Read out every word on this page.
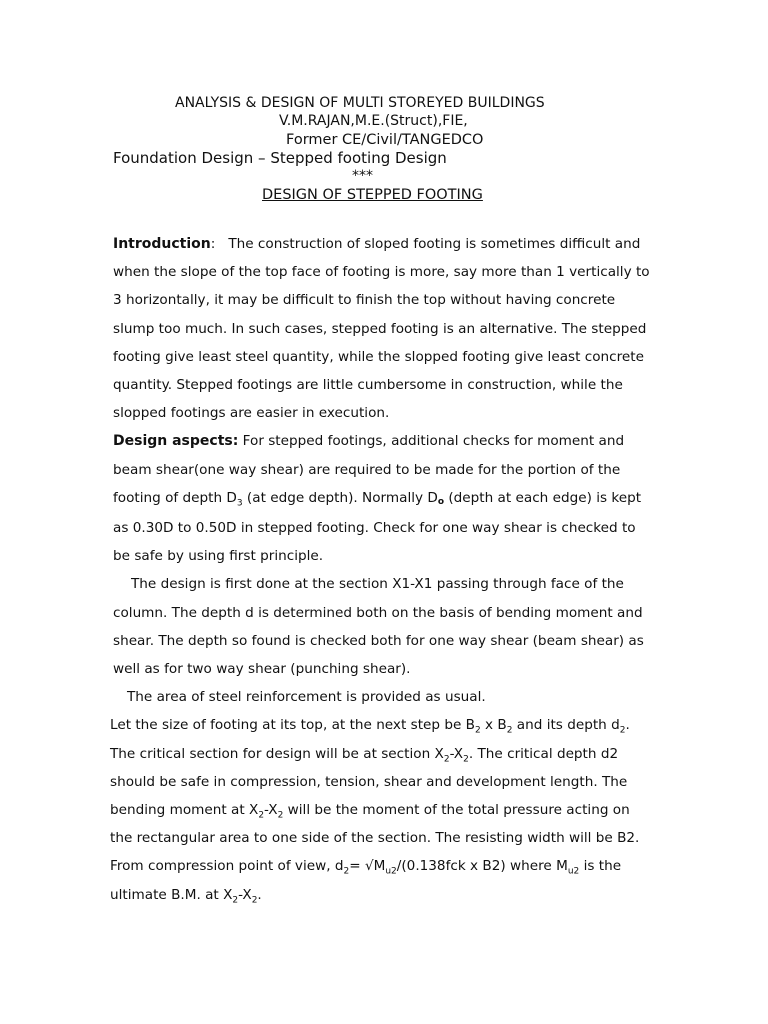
ANALYSIS & DESIGN OF MULTI STOREYED BUILDINGS
V.M.RAJAN,M.E.(Struct),FIE,
Former CE/Civil/TANGEDCO
Foundation Design – Stepped footing Design
***
DESIGN OF STEPPED FOOTING

Introduction:   The construction of sloped footing is sometimes difficult and when the slope of the top face of footing is more, say more than 1 vertically to 3 horizontally, it may be difficult to finish the top without having concrete slump too much. In such cases, stepped footing is an alternative. The stepped footing give least steel quantity, while the slopped footing give least concrete quantity. Stepped footings are little cumbersome in construction, while the slopped footings are easier in execution.

Design aspects: For stepped footings, additional checks for moment and beam shear(one way shear) are required to be made for the portion of the footing of depth $D_3$ (at edge depth). Normally Do (depth at each edge) is kept as 0.30D to 0.50D in stepped footing. Check for one way shear is checked to be safe by using first principle.

The design is first done at the section X1-X1 passing through face of the column. The depth d is determined both on the basis of bending moment and shear. The depth so found is checked both for one way shear (beam shear) as well as for two way shear (punching shear).

The area of steel reinforcement is provided as usual.

Let the size of footing at its top, at the next step be $B_2$ x $B_2$ and its depth $d_2$. The critical section for design will be at section $X_2-X_2$. The critical depth d2 should be safe in compression, tension, shear and development length. The bending moment at $X_2-X_2$ will be the moment of the total pressure acting on the rectangular area to one side of the section. The resisting width will be B2. From compression point of view, $d_2= √M_{u2}/(0.138fck$ x B2) where $M_{u2}$ is the ultimate B.M. at $X_2-X_2$.
